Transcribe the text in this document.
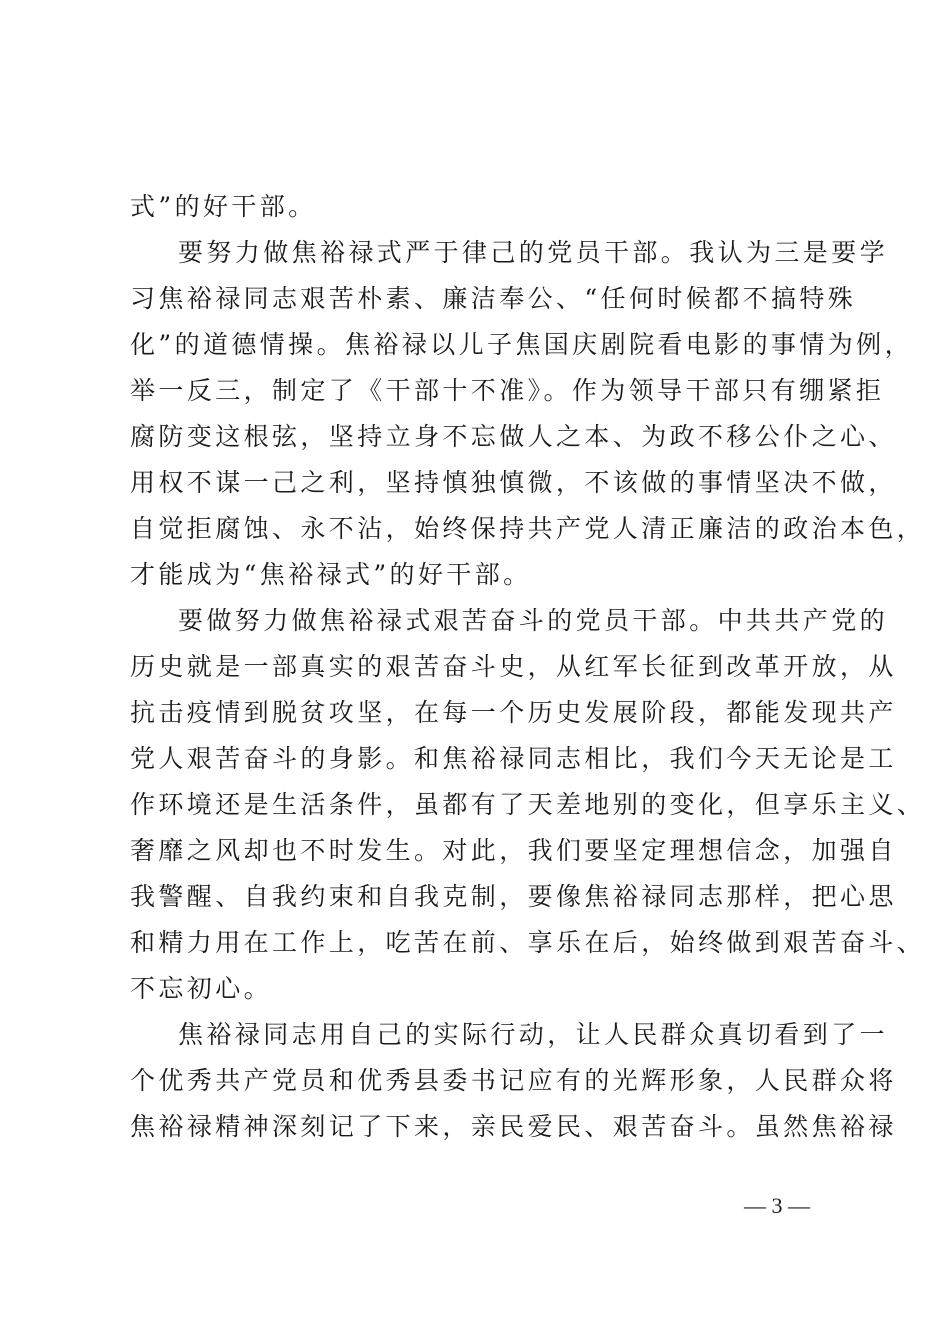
式”的好干部。
要努力做焦裕禄式严于律己的党员干部。我认为三是要学
习焦裕禄同志艰苦朴素、廉洁奉公、“任何时候都不搞特殊
化”的道德情操。焦裕禄以儿子焦国庆剧院看电影的事情为例，
举一反三，制定了《干部十不准》。作为领导干部只有绷紧拒
腐防变这根弦，坚持立身不忘做人之本、为政不移公仆之心、
用权不谋一己之利，坚持慎独慎微，不该做的事情坚决不做，
自觉拒腐蚀、永不沾，始终保持共产党人清正廉洁的政治本色，
才能成为“焦裕禄式”的好干部。
要做努力做焦裕禄式艰苦奋斗的党员干部。中共共产党的
历史就是一部真实的艰苦奋斗史，从红军长征到改革开放，从
抗击疫情到脱贫攻坚，在每一个历史发展阶段，都能发现共产
党人艰苦奋斗的身影。和焦裕禄同志相比，我们今天无论是工
作环境还是生活条件，虽都有了天差地别的变化，但享乐主义、
奢靡之风却也不时发生。对此，我们要坚定理想信念，加强自
我警醒、自我约束和自我克制，要像焦裕禄同志那样，把心思
和精力用在工作上，吃苦在前、享乐在后，始终做到艰苦奋斗、
不忘初心。
焦裕禄同志用自己的实际行动，让人民群众真切看到了一
个优秀共产党员和优秀县委书记应有的光辉形象，人民群众将
焦裕禄精神深刻记了下来，亲民爱民、艰苦奋斗。虽然焦裕禄
— 3 —
